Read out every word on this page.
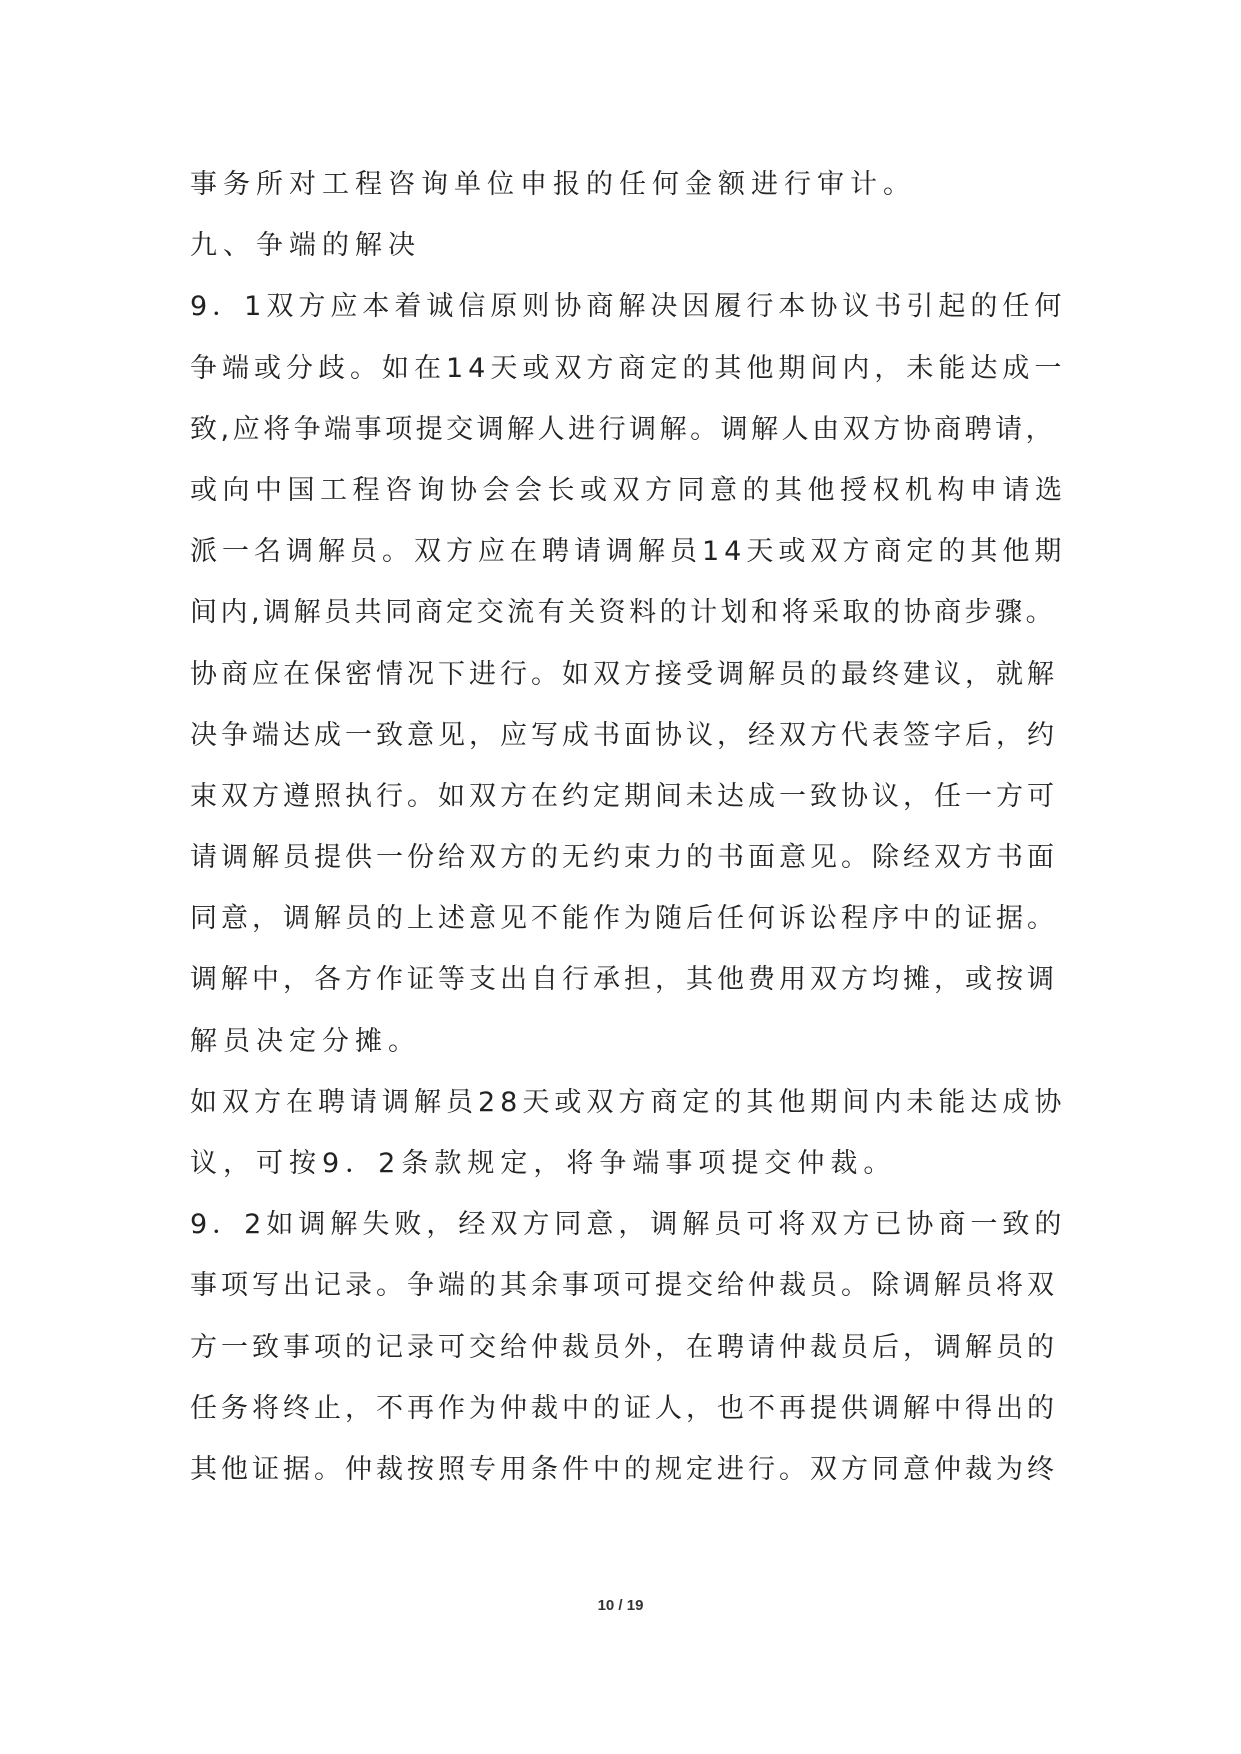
事务所对工程咨询单位申报的任何金额进行审计。
九、争端的解决
9．1双方应本着诚信原则协商解决因履行本协议书引起的任何
争端或分歧。如在14天或双方商定的其他期间内，未能达成一
致,应将争端事项提交调解人进行调解。调解人由双方协商聘请，
或向中国工程咨询协会会长或双方同意的其他授权机构申请选
派一名调解员。双方应在聘请调解员14天或双方商定的其他期
间内,调解员共同商定交流有关资料的计划和将采取的协商步骤。
协商应在保密情况下进行。如双方接受调解员的最终建议，就解
决争端达成一致意见，应写成书面协议，经双方代表签字后，约
束双方遵照执行。如双方在约定期间未达成一致协议，任一方可
请调解员提供一份给双方的无约束力的书面意见。除经双方书面
同意，调解员的上述意见不能作为随后任何诉讼程序中的证据。
调解中，各方作证等支出自行承担，其他费用双方均摊，或按调
解员决定分摊。
如双方在聘请调解员28天或双方商定的其他期间内未能达成协
议，可按9．2条款规定，将争端事项提交仲裁。
9．2如调解失败，经双方同意，调解员可将双方已协商一致的
事项写出记录。争端的其余事项可提交给仲裁员。除调解员将双
方一致事项的记录可交给仲裁员外，在聘请仲裁员后，调解员的
任务将终止，不再作为仲裁中的证人，也不再提供调解中得出的
其他证据。仲裁按照专用条件中的规定进行。双方同意仲裁为终
10 / 19
